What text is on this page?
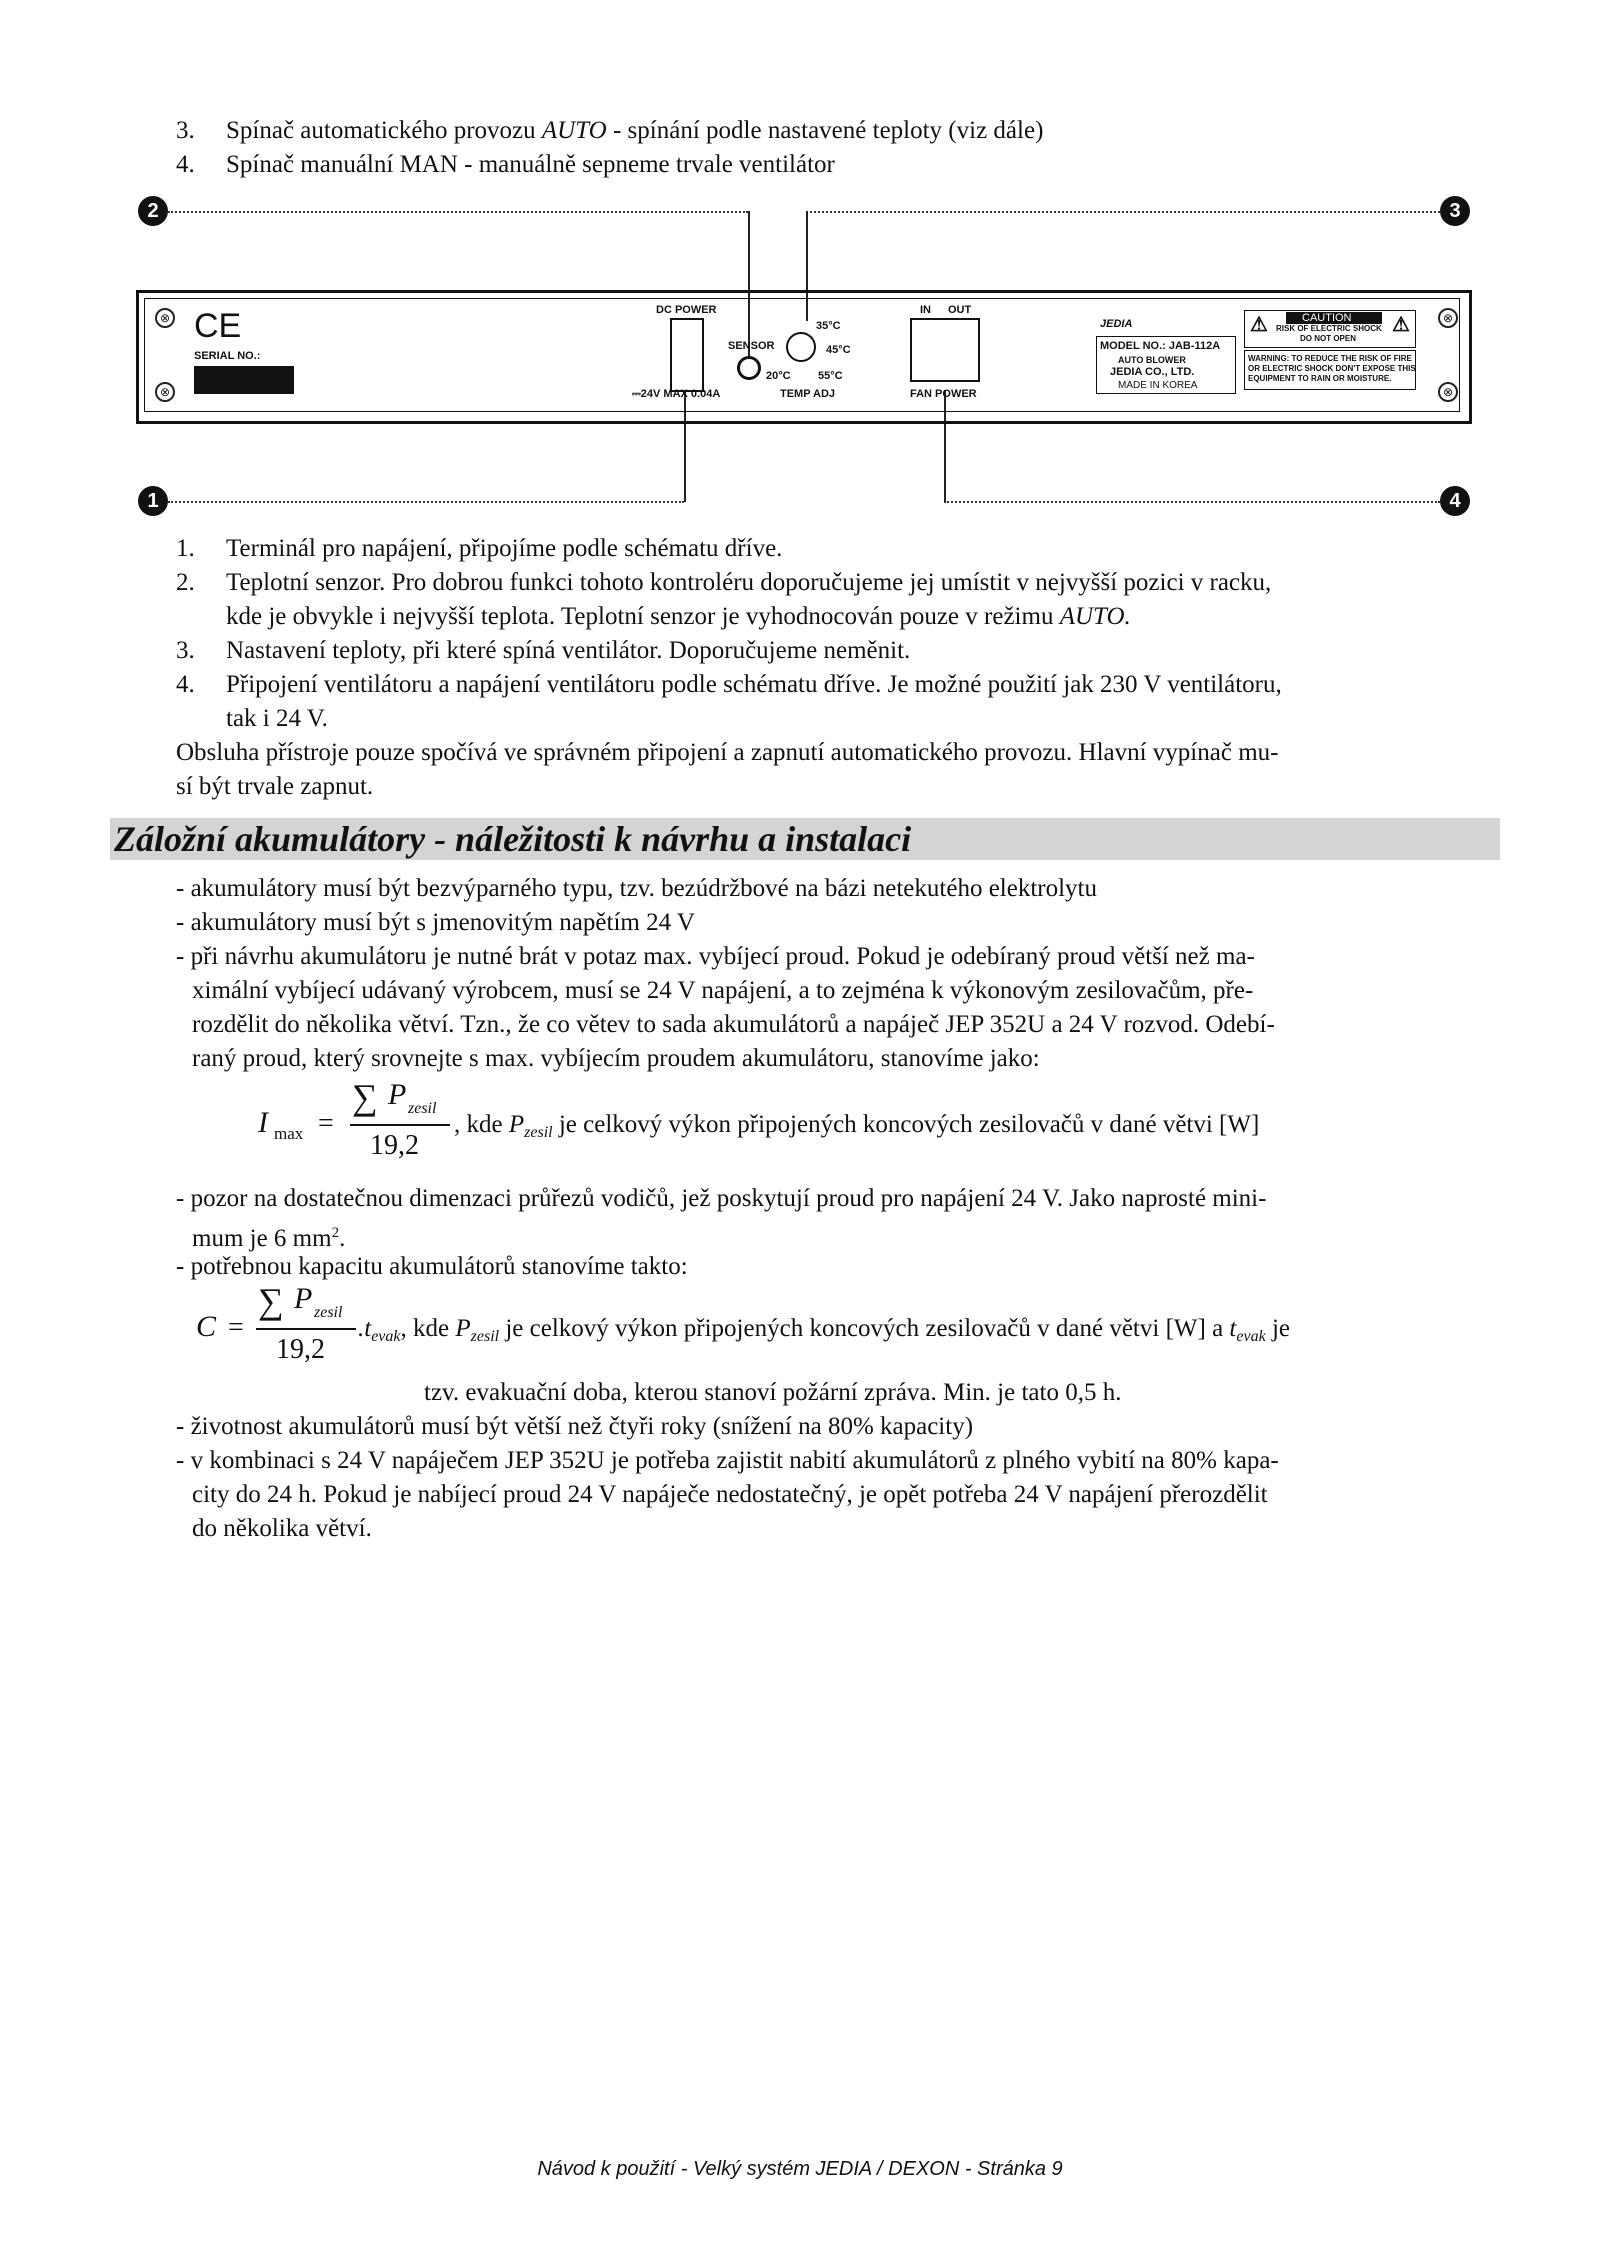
3. Spínač automatického provozu AUTO - spínání podle nastavené teploty (viz dále)
4. Spínač manuální MAN - manuálně sepneme trvale ventilátor
2	3
1	4
⊗
⊗
⊗
⊗
CE
SERIAL NO.:
DC POWER
⎓24V MAX 0.04A
SENSOR
35°C
45°C
20°C 55°C
TEMP ADJ
IN OUT
FAN POWER
JEDIA
MODEL NO.: JAB-112A
AUTO BLOWER
JEDIA CO., LTD.
MADE IN KOREA
CAUTION
RISK OF ELECTRIC SHOCK
DO NOT OPEN
⚠	⚠
WARNING: TO REDUCE THE RISK OF FIRE
OR ELECTRIC SHOCK DON'T EXPOSE THIS
EQUIPMENT TO RAIN OR MOISTURE.
1. Terminál pro napájení, připojíme podle schématu dříve.
2. Teplotní senzor. Pro dobrou funkci tohoto kontroléru doporučujeme jej umístit v nejvyšší pozici v racku,
kde je obvykle i nejvyšší teplota. Teplotní senzor je vyhodnocován pouze v režimu AUTO.
3. Nastavení teploty, při které spíná ventilátor. Doporučujeme neměnit.
4. Připojení ventilátoru a napájení ventilátoru podle schématu dříve. Je možné použití jak 230 V ventilátoru,
tak i 24 V.
Obsluha přístroje pouze spočívá ve správném připojení a zapnutí automatického provozu. Hlavní vypínač mu-
sí být trvale zapnut.
Záložní akumulátory - náležitosti k návrhu a instalaci
- akumulátory musí být bezvýparného typu, tzv. bezúdržbové na bázi netekutého elektrolytu
- akumulátory musí být s jmenovitým napětím 24 V
- při návrhu akumulátoru je nutné brát v potaz max. vybíjecí proud. Pokud je odebíraný proud větší než ma-
ximální vybíjecí udávaný výrobcem, musí se 24 V napájení, a to zejména k výkonovým zesilovačům, pře-
rozdělit do několika větví. Tzn., že co větev to sada akumulátorů a napáječ JEP 352U a 24 V rozvod. Odebí-
raný proud, který srovnejte s max. vybíjecím proudem akumulátoru, stanovíme jako:
I max =
∑ P zesil
19,2
, kde $P_{zesil}$ je celkový výkon připojených koncových zesilovačů v dané větvi [W]
- pozor na dostatečnou dimenzaci průřezů vodičů, jež poskytují proud pro napájení 24 V. Jako naprosté mini-
mum je 6 $mm^2$.
- potřebnou kapacitu akumulátorů stanovíme takto:
C =
∑ P zesil
19,2
$.t_{evak}$, kde $P_{zesil}$ je celkový výkon připojených koncových zesilovačů v dané větvi [W] a $t_{evak}$ je
tzv. evakuační doba, kterou stanoví požární zpráva. Min. je tato 0,5 h.
- životnost akumulátorů musí být větší než čtyři roky (snížení na 80% kapacity)
- v kombinaci s 24 V napáječem JEP 352U je potřeba zajistit nabití akumulátorů z plného vybití na 80% kapa-
city do 24 h. Pokud je nabíjecí proud 24 V napáječe nedostatečný, je opět potřeba 24 V napájení přerozdělit
do několika větví.
Návod k použití - Velký systém JEDIA / DEXON - Stránka 9
